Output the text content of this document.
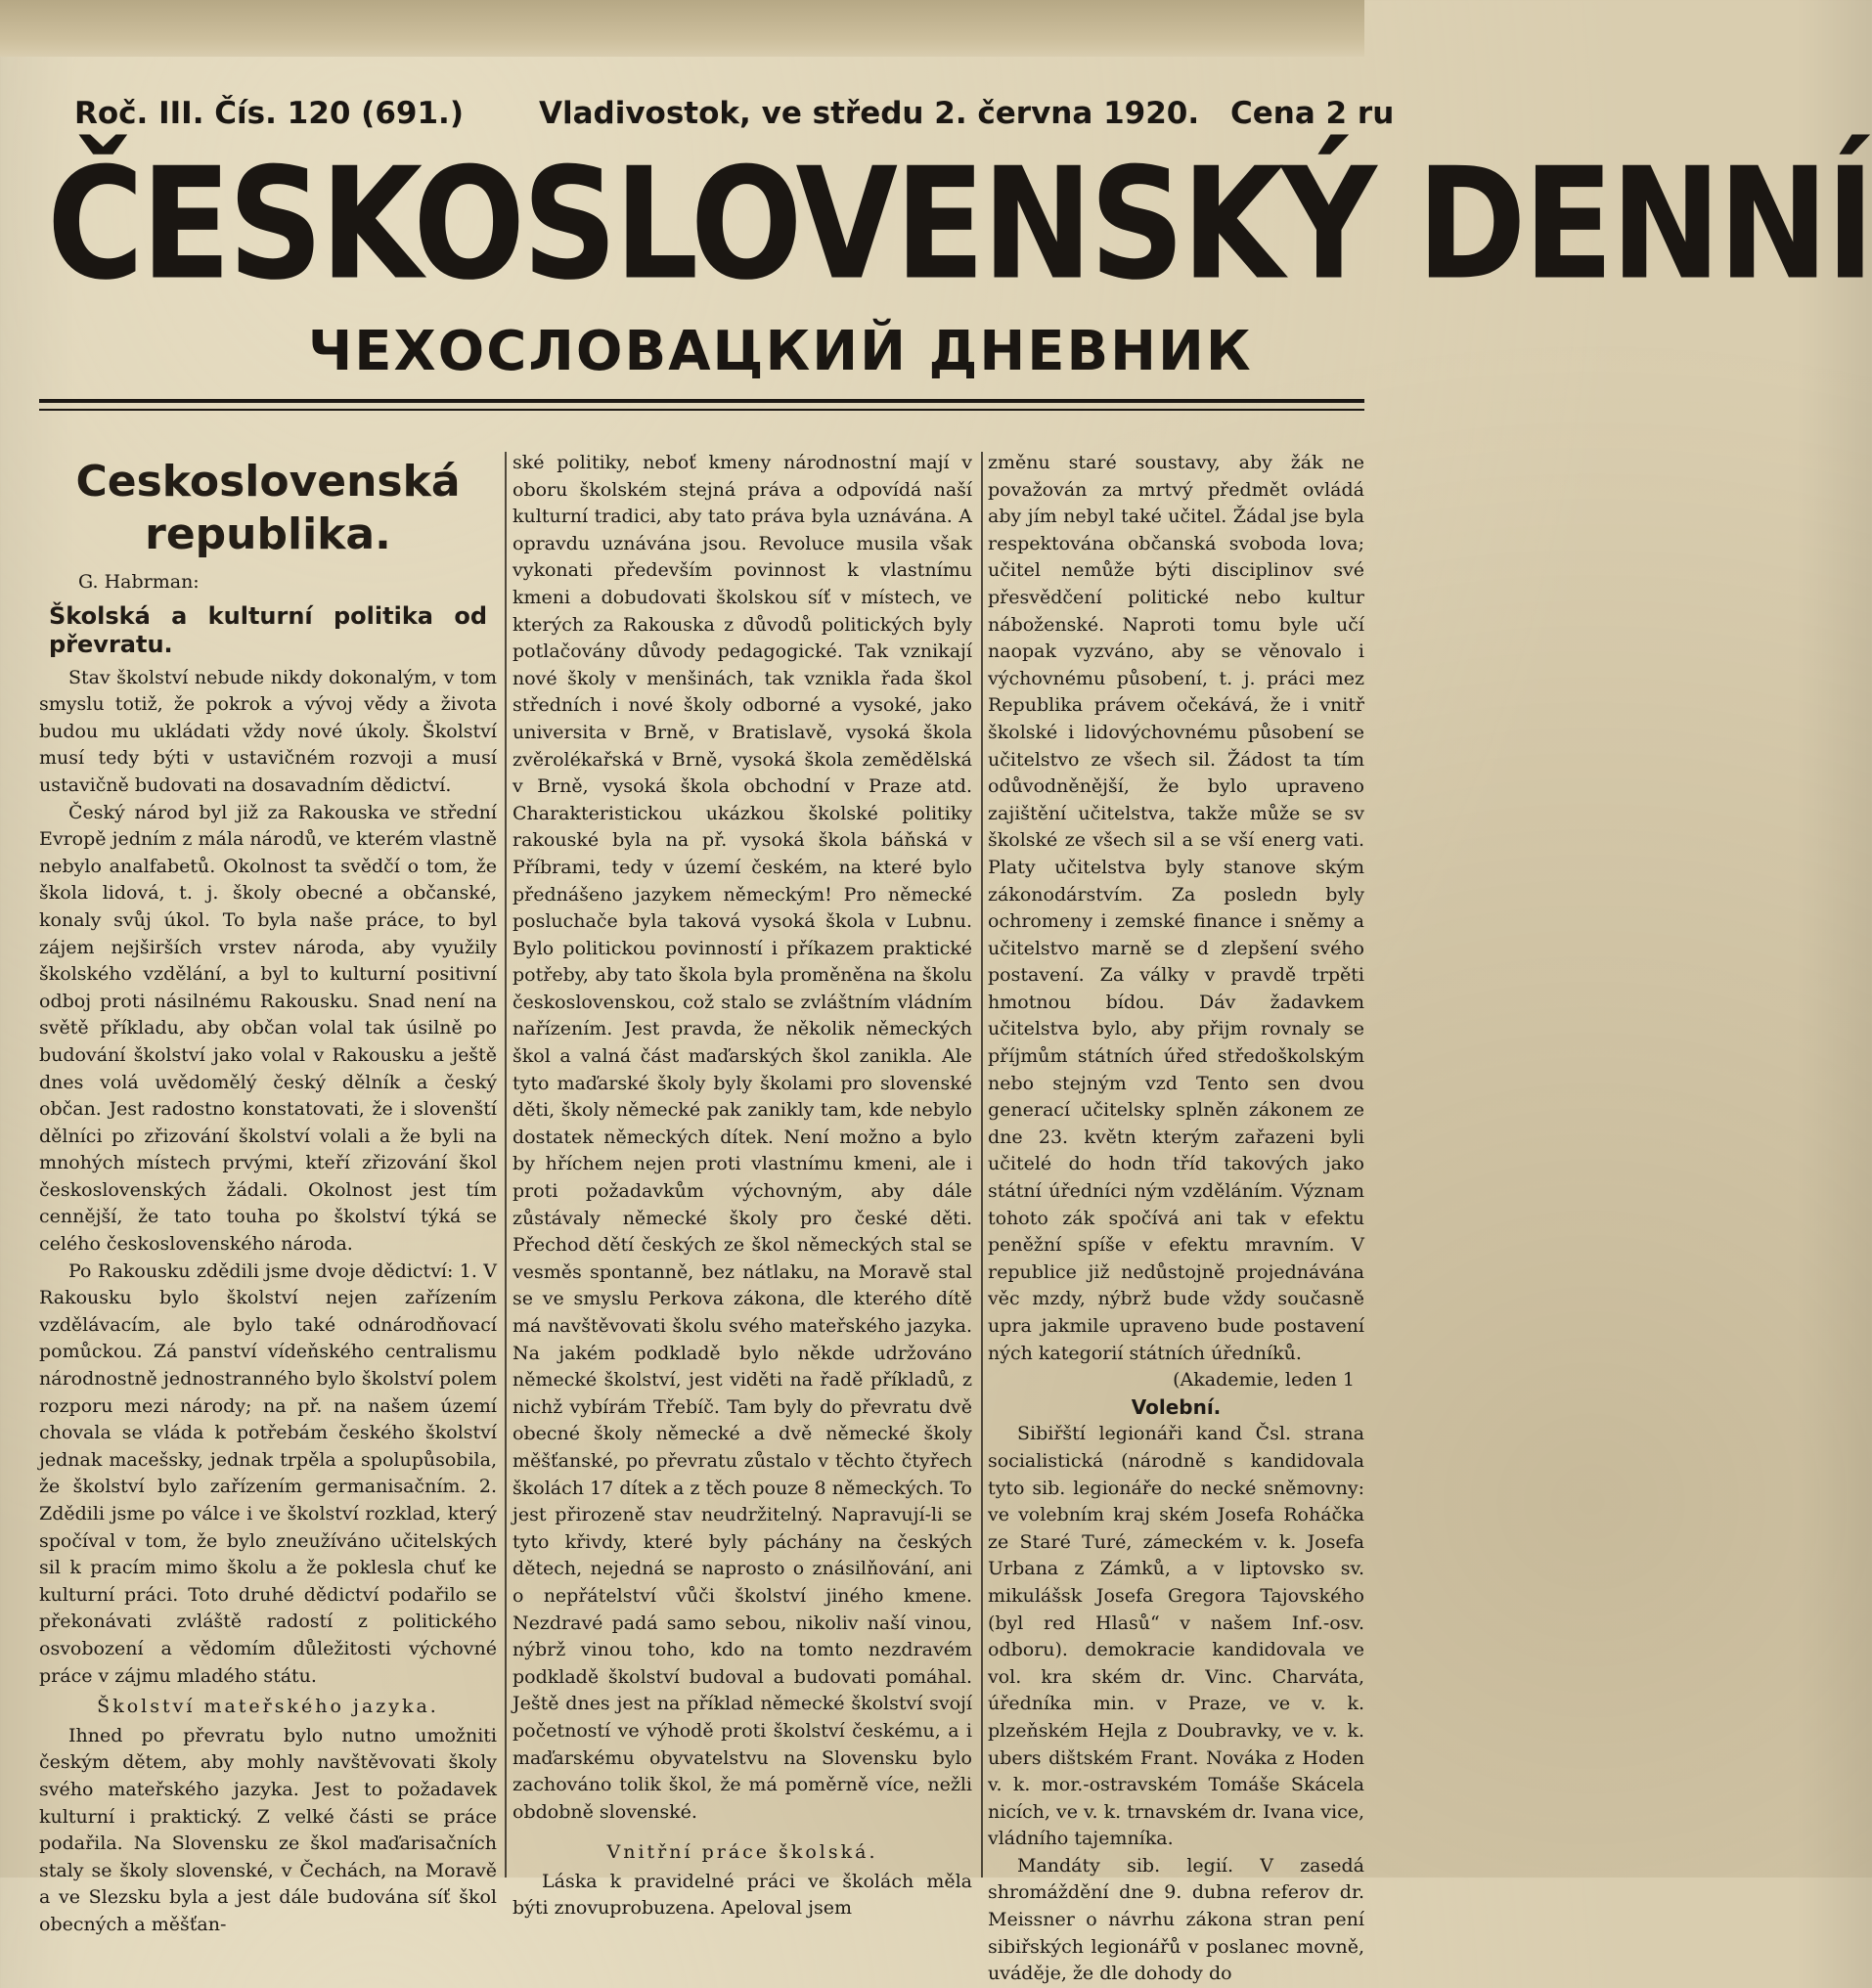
Roč. III. Čís. 120 (691.) Vladivostok, ve středu 2. června 1920. Cena 2 ru
ČESKOSLOVENSKÝ DENNÍ
ЧЕХОСЛОВАЦКИЙ ДНЕВНИК
Ceskoslovenská republika.

G. Habrman:

Školská a kulturní politika od převratu.

Stav školství nebude nikdy dokonalým, v tom smyslu totiž, že pokrok a vývoj vědy a života budou mu ukládati vždy nové úkoly. Školství musí tedy býti v ustavičném rozvoji a musí ustavičně budovati na dosavadním dědictví.

Český národ byl již za Rakouska ve střední Evropě jedním z mála národů, ve kterém vlastně nebylo analfabetů. Okolnost ta svědčí o tom, že škola lidová, t. j. školy obecné a občanské, konaly svůj úkol. To byla naše práce, to byl zájem nejširších vrstev národa, aby využily školského vzdělání, a byl to kulturní positivní odboj proti násilnému Rakousku. Snad není na světě příkladu, aby občan volal tak úsilně po budování školství jako volal v Rakousku a ještě dnes volá uvědomělý český dělník a český občan. Jest radostno konstatovati, že i slovenští dělníci po zřizování školství volali a že byli na mnohých místech prvými, kteří zřizování škol československých žádali. Okolnost jest tím cennější, že tato touha po školství týká se celého československého národa.

Po Rakousku zdědili jsme dvoje dědictví: 1. V Rakousku bylo školství nejen zařízením vzdělávacím, ale bylo také odnárodňovací pomůckou. Zá panství vídeňského centralismu národnostně jednostranného bylo školství polem rozporu mezi národy; na př. na našem území chovala se vláda k potřebám českého školství jednak macešsky, jednak trpěla a spolupůsobila, že školství bylo zařízením germanisačním. 2. Zdědili jsme po válce i ve školství rozklad, který spočíval v tom, že bylo zneužíváno učitelských sil k pracím mimo školu a že poklesla chuť ke kulturní práci. Toto druhé dědictví podařilo se překonávati zvláště radostí z politického osvobození a vědomím důležitosti výchovné práce v zájmu mladého státu.

Školství mateřského jazyka.

Ihned po převratu bylo nutno umožniti českým dětem, aby mohly navštěvovati školy svého mateřského jazyka. Jest to požadavek kulturní i praktický. Z velké části se práce podařila. Na Slovensku ze škol maďarisačních staly se školy slovenské, v Čechách, na Moravě a ve Slezsku byla a jest dále budována síť škol obecných a měšťan-

ské politiky, neboť kmeny národnostní mají v oboru školském stejná práva a odpovídá naší kulturní tradici, aby tato práva byla uznávána. A opravdu uznávána jsou. Revoluce musila však vykonati především povinnost k vlastnímu kmeni a dobudovati školskou síť v místech, ve kterých za Rakouska z důvodů politických byly potlačovány důvody pedagogické. Tak vznikají nové školy v menšinách, tak vznikla řada škol středních i nové školy odborné a vysoké, jako universita v Brně, v Bratislavě, vysoká škola zvěrolékařská v Brně, vysoká škola zemědělská v Brně, vysoká škola obchodní v Praze atd. Charakteristickou ukázkou školské politiky rakouské byla na př. vysoká škola báňská v Příbrami, tedy v území českém, na které bylo přednášeno jazykem německým! Pro německé posluchače byla taková vysoká škola v Lubnu. Bylo politickou povinností i příkazem praktické potřeby, aby tato škola byla proměněna na školu československou, což stalo se zvláštním vládním nařízením. Jest pravda, že několik německých škol a valná část maďarských škol zanikla. Ale tyto maďarské školy byly školami pro slovenské děti, školy německé pak zanikly tam, kde nebylo dostatek německých dítek. Není možno a bylo by hříchem nejen proti vlastnímu kmeni, ale i proti požadavkům výchovným, aby dále zůstávaly německé školy pro české děti. Přechod dětí českých ze škol německých stal se vesměs spontanně, bez nátlaku, na Moravě stal se ve smyslu Perkova zákona, dle kterého dítě má navštěvovati školu svého mateřského jazyka. Na jakém podkladě bylo někde udržováno německé školství, jest viděti na řadě příkladů, z nichž vybírám Třebíč. Tam byly do převratu dvě obecné školy německé a dvě německé školy měšťanské, po převratu zůstalo v těchto čtyřech školách 17 dítek a z těch pouze 8 německých. To jest přirozeně stav neudržitelný. Napravují-li se tyto křivdy, které byly páchány na českých dětech, nejedná se naprosto o znásilňování, ani o nepřátelství vůči školství jiného kmene. Nezdravé padá samo sebou, nikoliv naší vinou, nýbrž vinou toho, kdo na tomto nezdravém podkladě školství budoval a budovati pomáhal. Ještě dnes jest na příklad německé školství svojí početností ve výhodě proti školství českému, a i maďarskému obyvatelstvu na Slovensku bylo zachováno tolik škol, že má poměrně více, nežli obdobně slovenské.

Vnitřní práce školská.

Láska k pravidelné práci ve školách měla býti znovuprobuzena. Apeloval jsem

změnu staré soustavy, aby žák ne považován za mrtvý předmět ovládá aby jím nebyl také učitel. Žádal jse byla respektována občanská svoboda lova; učitel nemůže býti disciplinov své přesvědčení politické nebo kultur náboženské. Naproti tomu byle učí naopak vyzváno, aby se věnovalo i výchovnému působení, t. j. práci mez Republika právem očekává, že i vnitř školské i lidovýchovnému působení se učitelstvo ze všech sil. Žádost ta tím odůvodněnější, že bylo upraveno zajištění učitelstva, takže může se sv školské ze všech sil a se vší energ vati. Platy učitelstva byly stanove ským zákonodárstvím. Za posledn byly ochromeny i zemské finance i sněmy a učitelstvo marně se d zlepšení svého postavení. Za války v pravdě trpěti hmotnou bídou. Dáv žadavkem učitelstva bylo, aby přijm rovnaly se příjmům státních úřed středoškolským nebo stejným vzd Tento sen dvou generací učitelsky splněn zákonem ze dne 23. květn kterým zařazeni byli učitelé do hodn tříd takových jako státní úředníci ným vzděláním. Význam tohoto zák spočívá ani tak v efektu peněžní spíše v efektu mravním. V republice již nedůstojně projednávána věc mzdy, nýbrž bude vždy současně upra jakmile upraveno bude postavení ných kategorií státních úředníků.

(Akademie, leden 1

Volební.

Sibiřští legionáři kand Čsl. strana socialistická (národně s kandidovala tyto sib. legionáře do necké sněmovny: ve volebním kraj ském Josefa Roháčka ze Staré Turé, zámeckém v. k. Josefa Urbana z Zámků, a v liptovsko sv. mikulášsk Josefa Gregora Tajovského (byl red Hlasů“ v našem Inf.-osv. odboru). demokracie kandidovala ve vol. kra ském dr. Vinc. Charváta, úředníka min. v Praze, ve v. k. plzeňském Hejla z Doubravky, ve v. k. ubers dištském Frant. Nováka z Hoden v. k. mor.-ostravském Tomáše Skácela nicích, ve v. k. trnavském dr. Ivana vice, vládního tajemníka.

Mandáty sib. legií. V zasedá shromáždění dne 9. dubna referov dr. Meissner o návrhu zákona stran pení sibiřských legionářů v poslanec movně, uváděje, že dle dohody do
